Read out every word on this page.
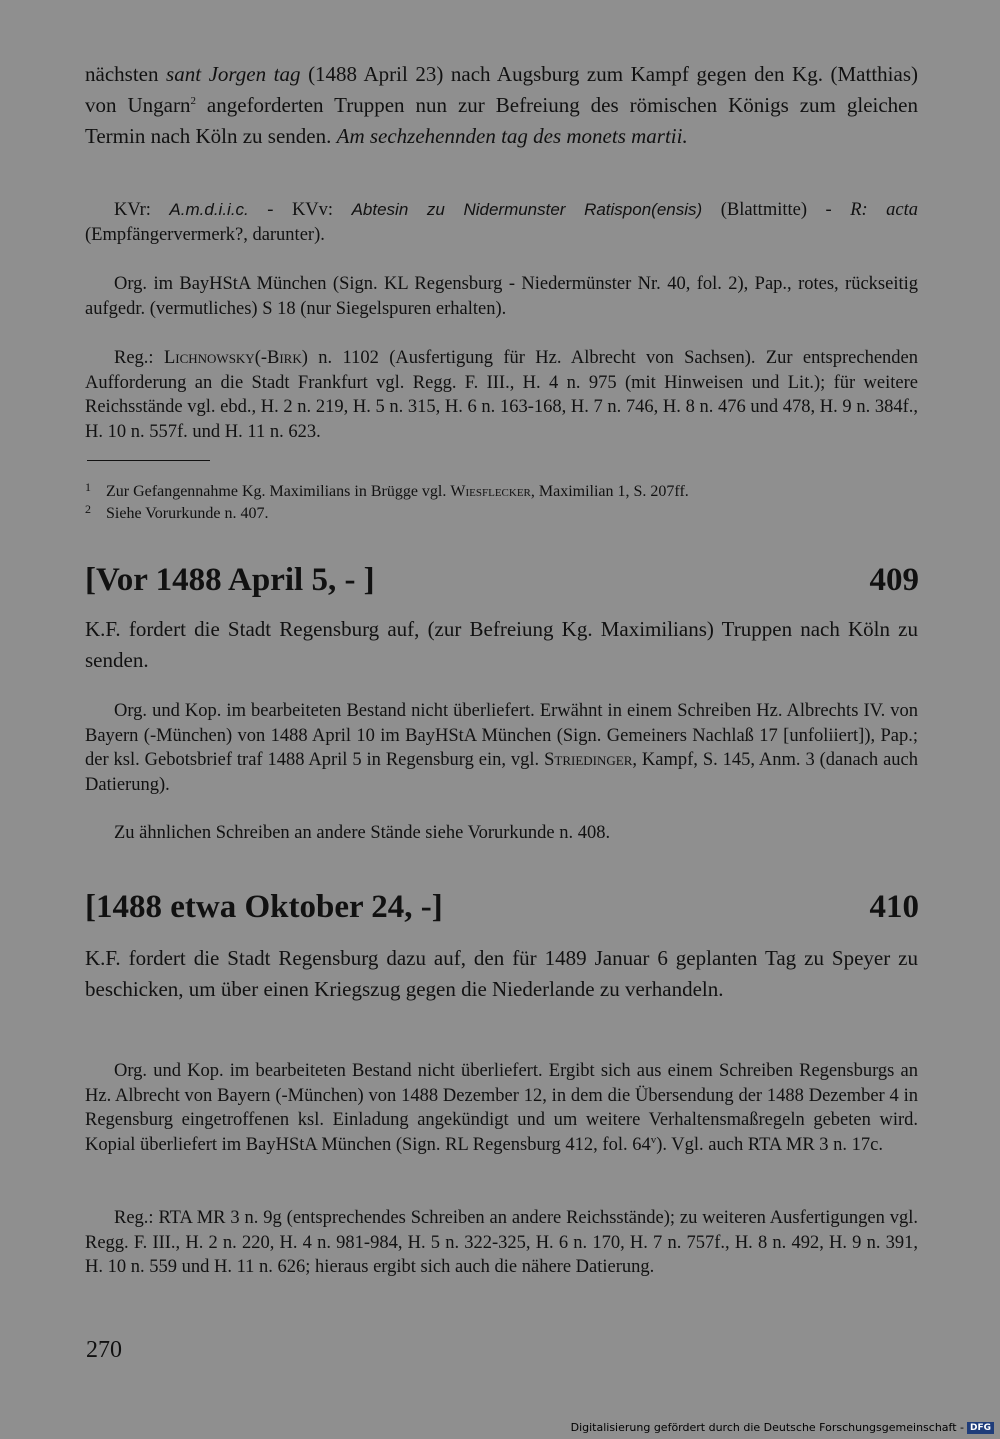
nächsten sant Jorgen tag (1488 April 23) nach Augsburg zum Kampf gegen den Kg. (Matthias) von Ungarn$^2$ angeforderten Truppen nun zur Befreiung des römischen Königs zum gleichen Termin nach Köln zu senden. Am sechzehennden tag des monets martii.

KVr: A.m.d.i.i.c. - KVv: Abtesin zu Nidermunster Ratispon(ensis) (Blattmitte) - R: acta (Empfängervermerk?, darunter).

Org. im BayHStA München (Sign. KL Regensburg - Niedermünster Nr. 40, fol. 2), Pap., rotes, rückseitig aufgedr. (vermutliches) S 18 (nur Siegelspuren erhalten).

Reg.: Lichnowsky(-Birk) n. 1102 (Ausfertigung für Hz. Albrecht von Sachsen). Zur entsprechenden Aufforderung an die Stadt Frankfurt vgl. Regg. F. III., H. 4 n. 975 (mit Hinweisen und Lit.); für weitere Reichsstände vgl. ebd., H. 2 n. 219, H. 5 n. 315, H. 6 n. 163-168, H. 7 n. 746, H. 8 n. 476 und 478, H. 9 n. 384f., H. 10 n. 557f. und H. 11 n. 623.

1 Zur Gefangennahme Kg. Maximilians in Brügge vgl. Wiesflecker, Maximilian 1, S. 207ff.

2 Siehe Vorurkunde n. 407.

[Vor 1488 April 5, - ]	409

K.F. fordert die Stadt Regensburg auf, (zur Befreiung Kg. Maximilians) Truppen nach Köln zu senden.

Org. und Kop. im bearbeiteten Bestand nicht überliefert. Erwähnt in einem Schreiben Hz. Albrechts IV. von Bayern (-München) von 1488 April 10 im BayHStA München (Sign. Gemeiners Nachlaß 17 [unfoliiert]), Pap.; der ksl. Gebotsbrief traf 1488 April 5 in Regensburg ein, vgl. Striedinger, Kampf, S. 145, Anm. 3 (danach auch Datierung).

Zu ähnlichen Schreiben an andere Stände siehe Vorurkunde n. 408.

[1488 etwa Oktober 24, -]	410

K.F. fordert die Stadt Regensburg dazu auf, den für 1489 Januar 6 geplanten Tag zu Speyer zu beschicken, um über einen Kriegszug gegen die Niederlande zu verhandeln.

Org. und Kop. im bearbeiteten Bestand nicht überliefert. Ergibt sich aus einem Schreiben Regensburgs an Hz. Albrecht von Bayern (-München) von 1488 Dezember 12, in dem die Übersendung der 1488 Dezember 4 in Regensburg eingetroffenen ksl. Einladung angekündigt und um weitere Verhaltensmaßregeln gebeten wird. Kopial überliefert im BayHStA München (Sign. RL Regensburg 412, fol. 64$^v$). Vgl. auch RTA MR 3 n. 17c.

Reg.: RTA MR 3 n. 9g (entsprechendes Schreiben an andere Reichsstände); zu weiteren Ausfertigungen vgl. Regg. F. III., H. 2 n. 220, H. 4 n. 981-984, H. 5 n. 322-325, H. 6 n. 170, H. 7 n. 757f., H. 8 n. 492, H. 9 n. 391, H. 10 n. 559 und H. 11 n. 626; hieraus ergibt sich auch die nähere Datierung.

270
Digitalisierung gefördert durch die Deutsche Forschungsgemeinschaft - DFG
